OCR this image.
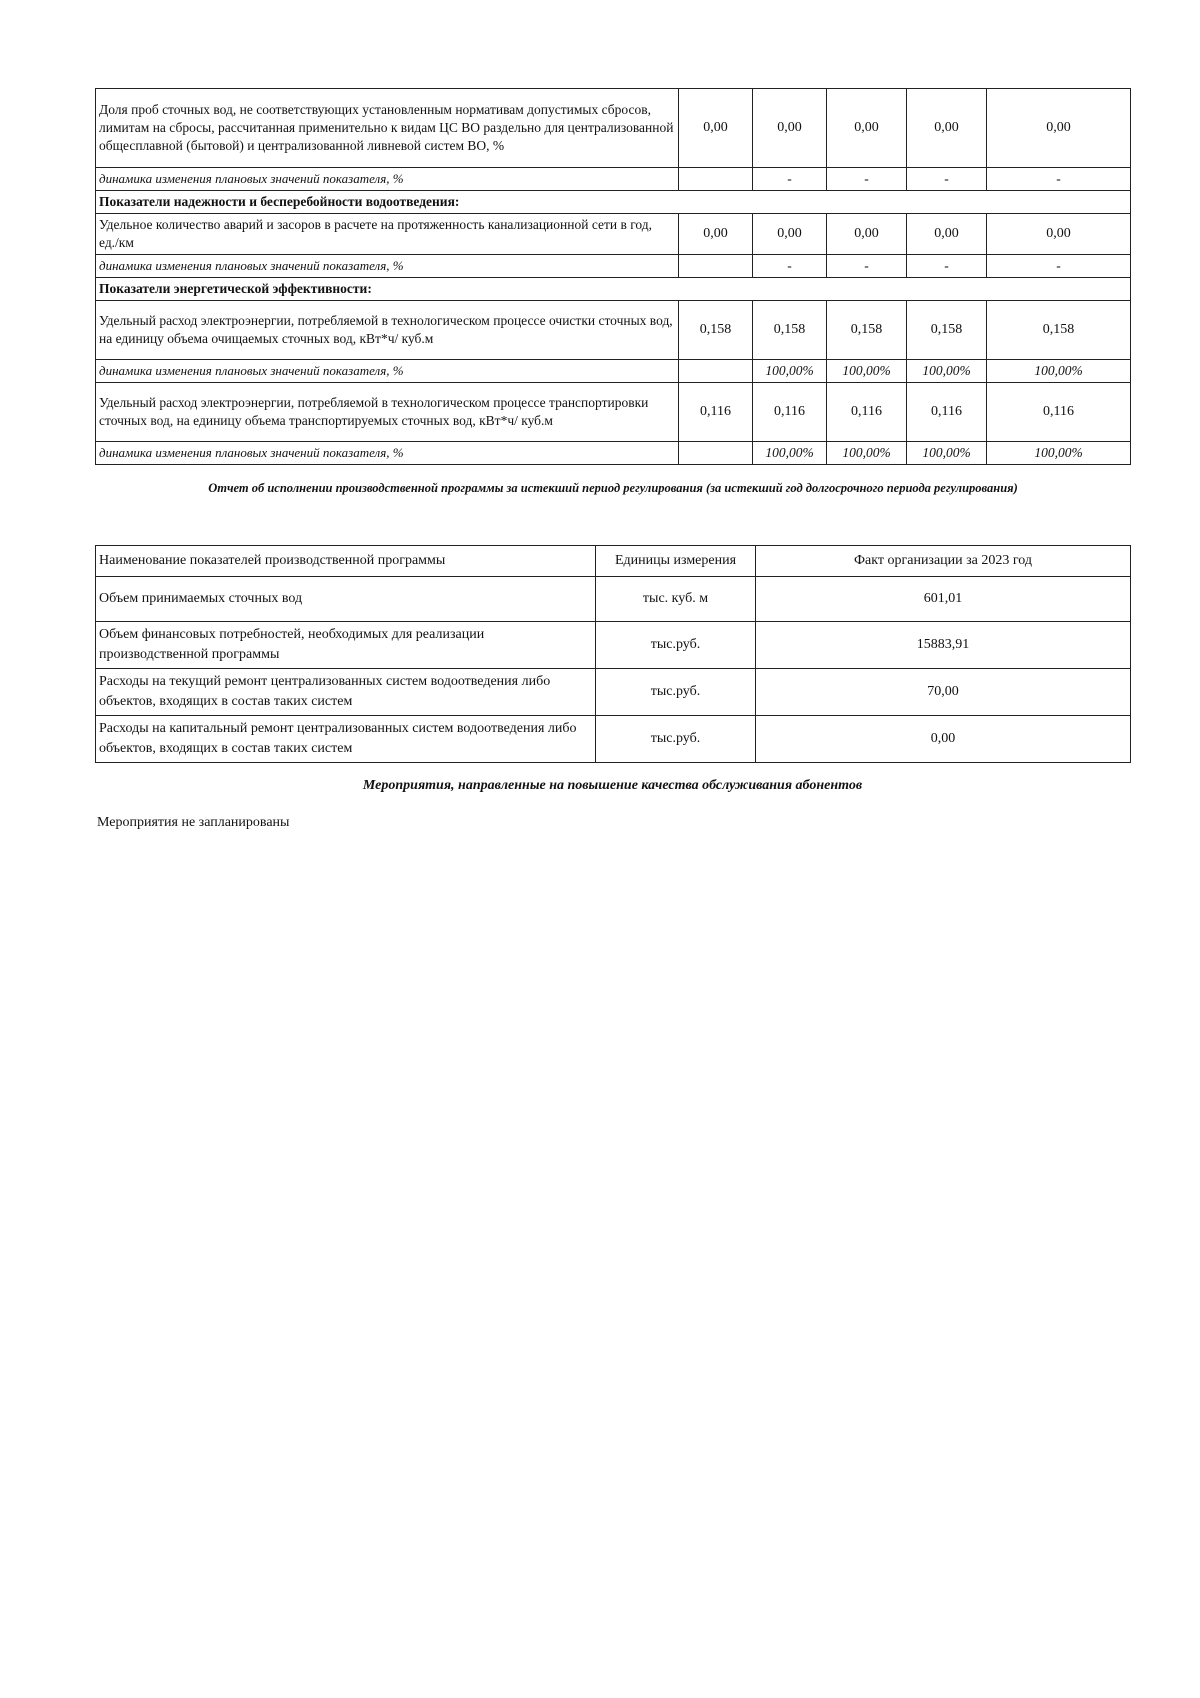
Доля проб сточных вод, не соответствующих установленным нормативам допустимых сбросов, лимитам на сбросы, рассчитанная применительно к видам ЦС ВО раздельно для централизованной общесплавной (бытовой) и централизованной ливневой систем ВО, %	0,00	0,00	0,00	0,00	0,00
динамика изменения плановых значений показателя, %		-	-	-	-
Показатели надежности и бесперебойности водоотведения:					
Удельное количество аварий и засоров в расчете на протяженность канализационной сети в год, ед./км	0,00	0,00	0,00	0,00	0,00
динамика изменения плановых значений показателя, %		-	-	-	-
Показатели энергетической эффективности:					
Удельный расход электроэнергии, потребляемой в технологическом процессе очистки сточных вод, на единицу объема очищаемых сточных вод, кВт*ч/ куб.м	0,158	0,158	0,158	0,158	0,158
динамика изменения плановых значений показателя, %		100,00%	100,00%	100,00%	100,00%
Удельный расход электроэнергии, потребляемой в технологическом процессе транспортировки сточных вод, на единицу объема транспортируемых сточных вод, кВт*ч/ куб.м	0,116	0,116	0,116	0,116	0,116
динамика изменения плановых значений показателя, %		100,00%	100,00%	100,00%	100,00%
Отчет об исполнении производственной программы за истекший период регулирования (за истекший год долгосрочного периода регулирования)					
Наименование показателей производственной программы	Единицы измерения	Факт организации за 2023 год
Объем принимаемых сточных вод	тыс. куб. м	601,01
Объем финансовых потребностей, необходимых для реализации производственной программы	тыс.руб.	15883,91
Расходы на текущий ремонт централизованных систем водоотведения либо объектов, входящих в состав таких систем	тыс.руб.	70,00
Расходы на капитальный ремонт централизованных систем водоотведения либо объектов, входящих в состав таких систем	тыс.руб.	0,00
Мероприятия, направленные на повышение качества обслуживания абонентов
Мероприятия не запланированы
